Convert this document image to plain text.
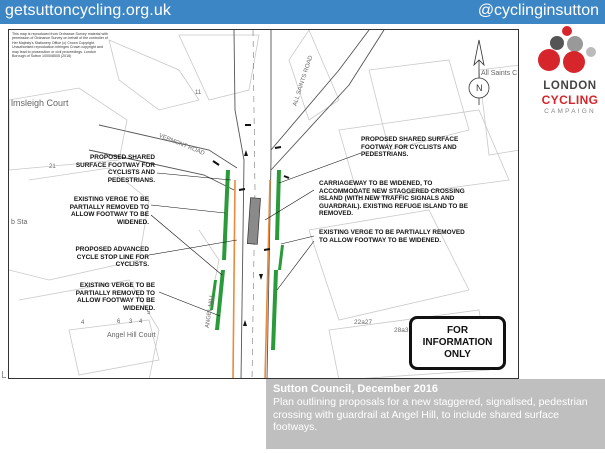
getsuttoncycling.org.uk	@cyclinginsutton
This map is reproduced from Ordnance Survey material with permission of Ordnance Survey on behalf of the controller of Her Majesty's Stationery Office (c) Crown Copyright. Unauthorised reproduction infringes Crown copyright and may lead to prosecution or civil proceedings. London Borough of Sutton 100008505 (2016)
lmsleigh Court
VERMONT ROAD
ALL SAINTS ROAD	All Saints C
ANGEL HILL
Angel Hill Court
b Sta
21
11
4	6 3 4
5
22a27
28a3
N
PROPOSED SHARED SURFACE FOOTWAY FOR CYCLISTS AND PEDESTRIANS.
EXISTING VERGE TO BE PARTIALLY REMOVED TO ALLOW FOOTWAY TO BE WIDENED.
PROPOSED ADVANCED CYCLE STOP LINE FOR CYCLISTS.
EXISTING VERGE TO BE PARTIALLY REMOVED TO ALLOW FOOTWAY TO BE WIDENED.
PROPOSED SHARED SURFACE FOOTWAY FOR CYCLISTS AND PEDESTRIANS.
CARRIAGEWAY TO BE WIDENED, TO ACCOMMODATE NEW STAGGERED CROSSING ISLAND (WITH NEW TRAFFIC SIGNALS AND GUARDRAIL). EXISTING REFUGE ISLAND TO BE REMOVED.
EXISTING VERGE TO BE PARTIALLY REMOVED TO ALLOW FOOTWAY TO BE WIDENED.
FOR
INFORMATION
ONLY
LONDON
CYCLING
CAMPAIGN
Sutton Council, December 2016
Plan outlining proposals for a new staggered, signalised, pedestrian crossing with guardrail at Angel Hill, to include shared surface footways.
